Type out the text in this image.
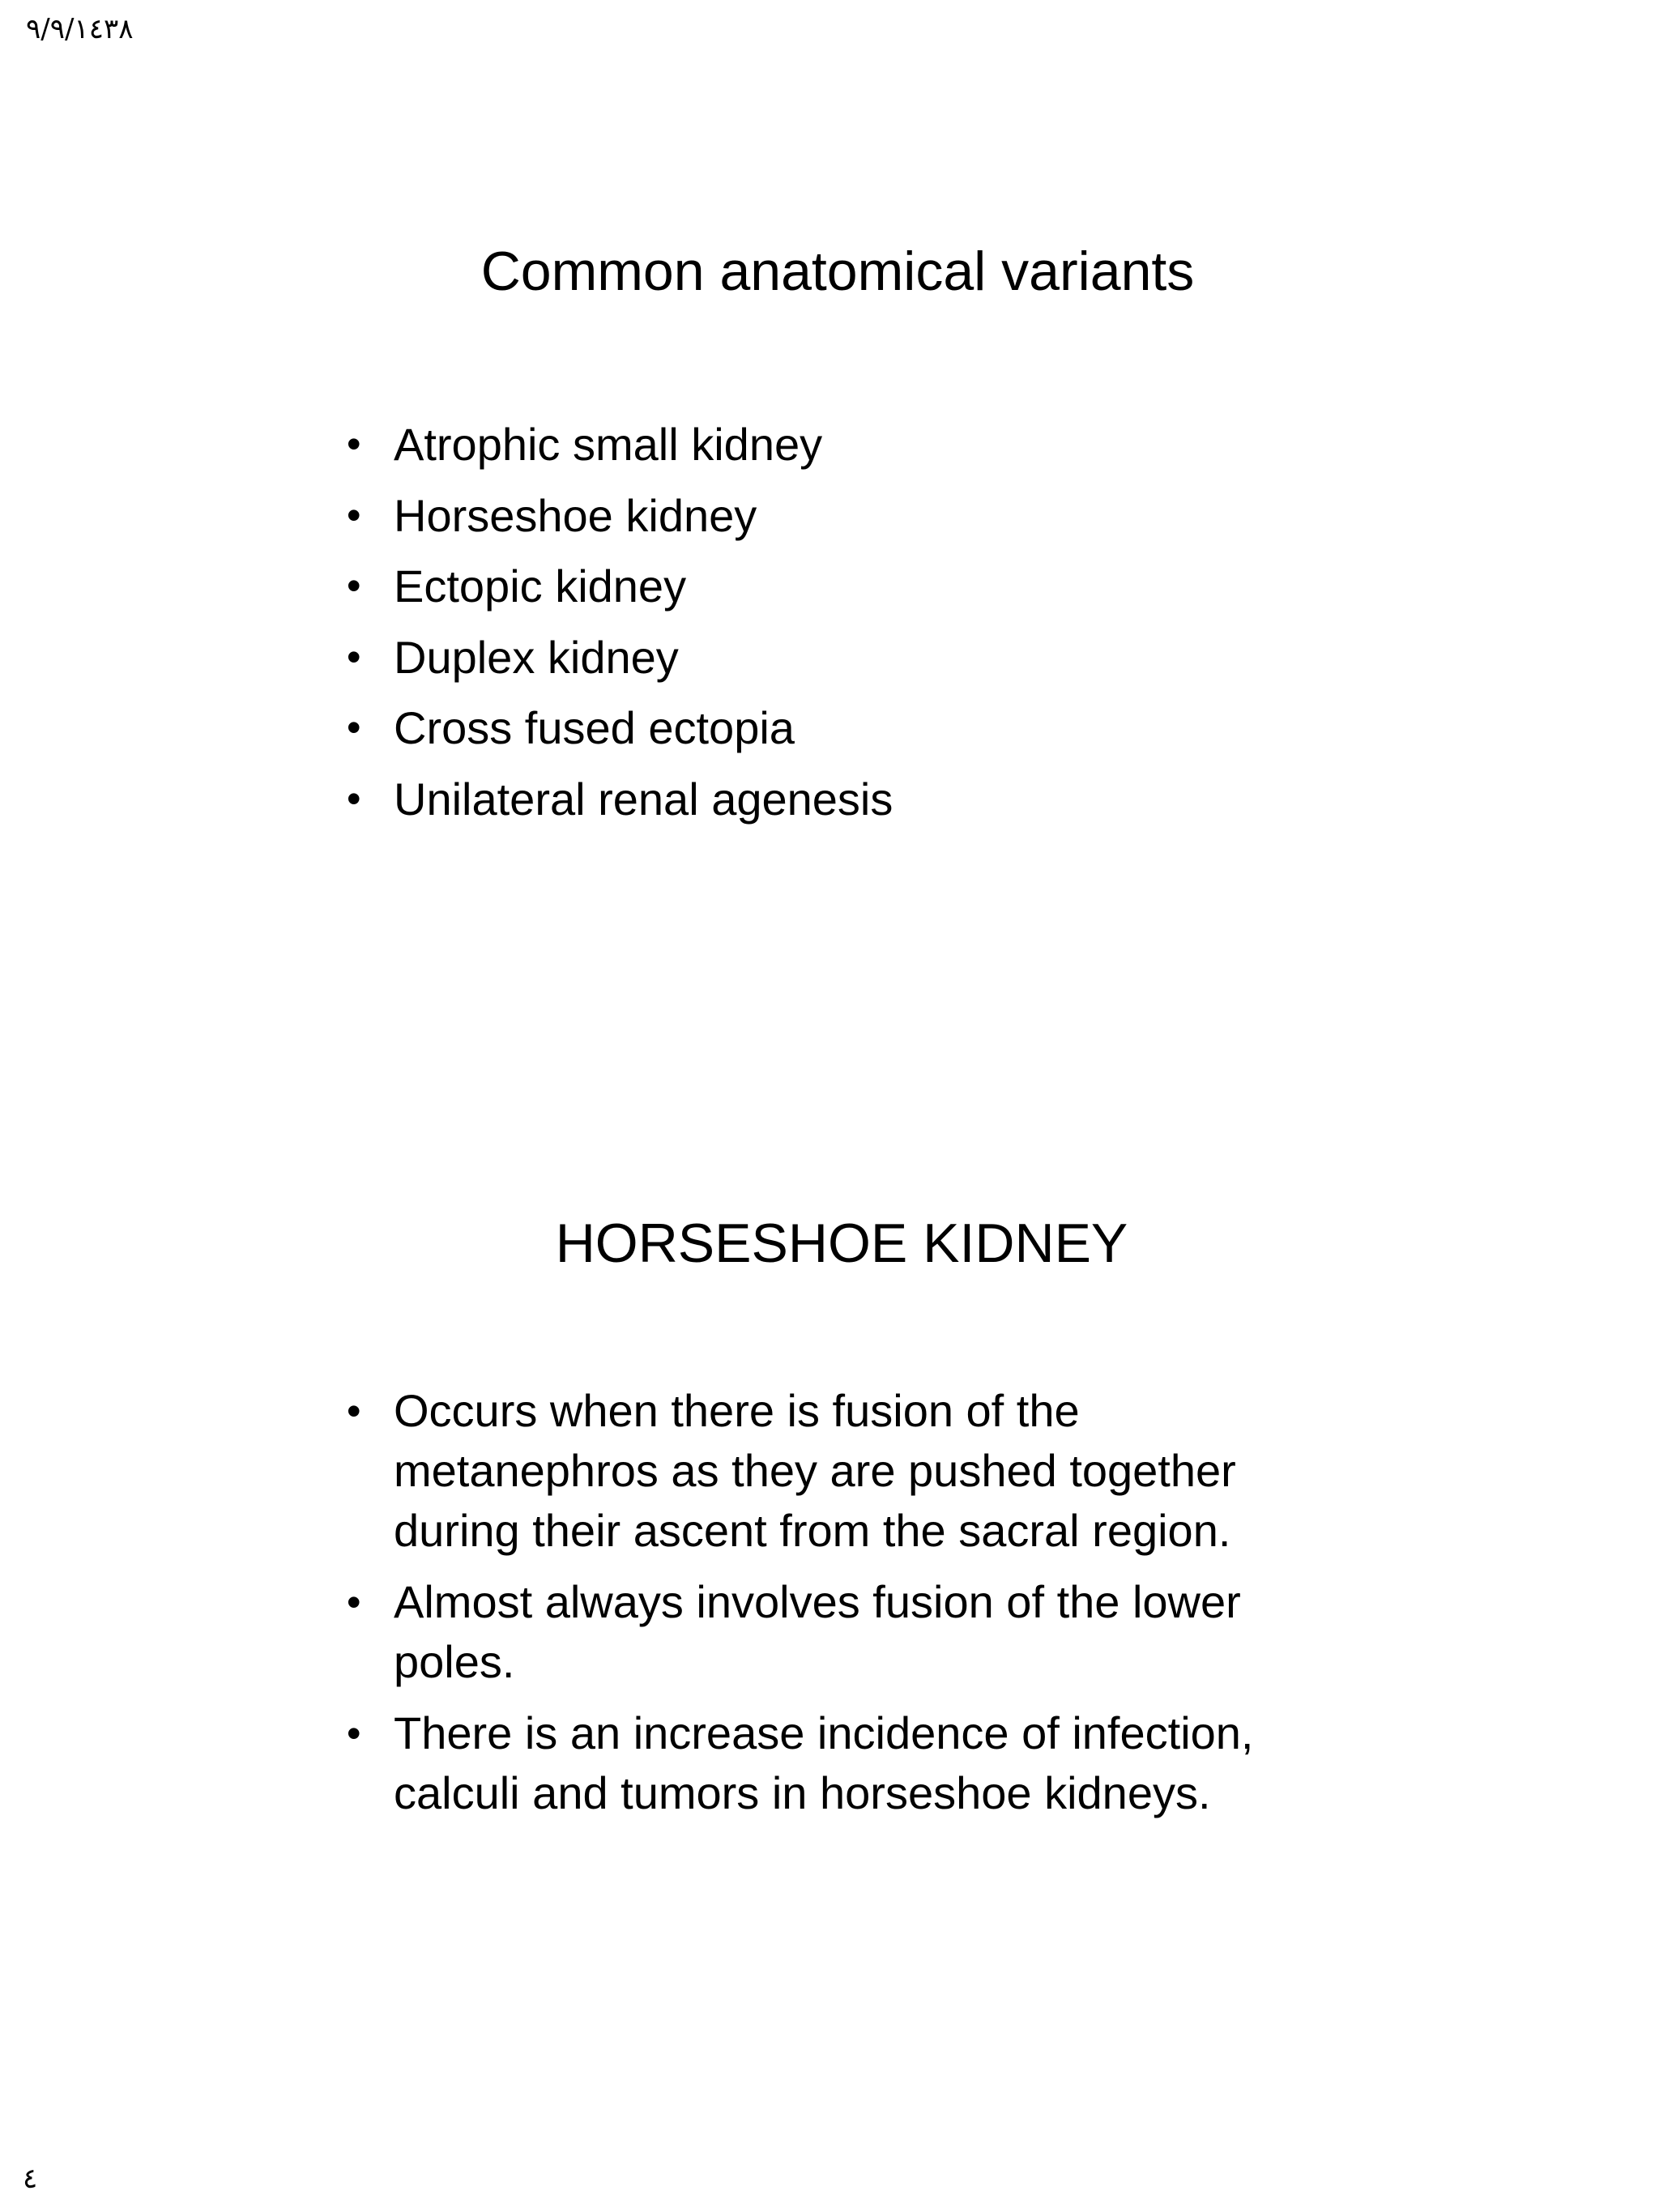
٩/٩/١٤٣٨
Common anatomical variants
• Atrophic small kidney
• Horseshoe kidney
• Ectopic kidney
• Duplex kidney
• Cross fused ectopia
• Unilateral renal agenesis
HORSESHOE KIDNEY
• Occurs when there is fusion of the
metanephros as they are pushed together
during their ascent from the sacral region.
• Almost always involves fusion of the lower
poles.
• There is an increase incidence of infection,
calculi and tumors in horseshoe kidneys.
٤
